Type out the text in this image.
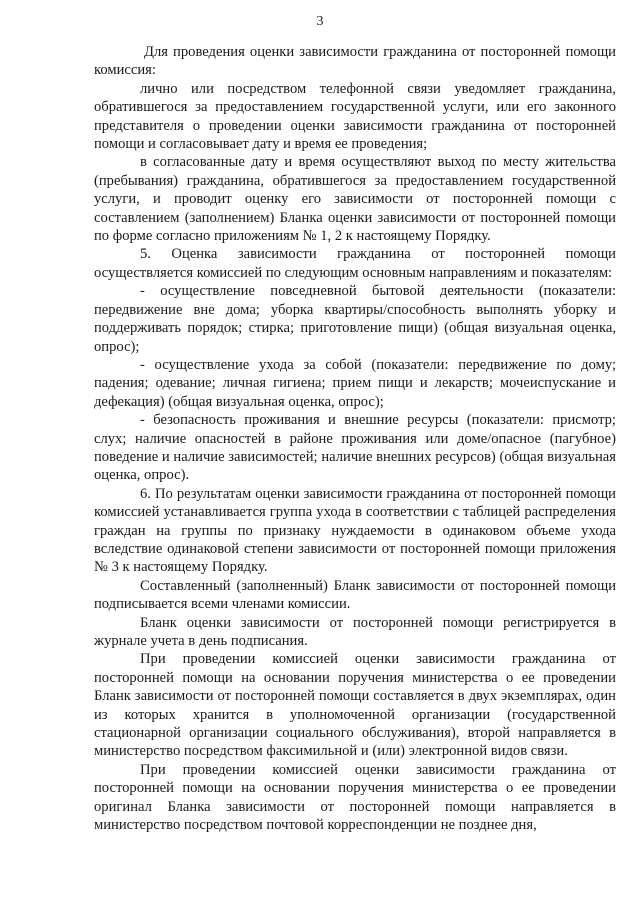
3

Для проведения оценки зависимости гражданина от посторонней помощи комиссия:

лично или посредством телефонной связи уведомляет гражданина, обратившегося за предоставлением государственной услуги, или его законного представителя о проведении оценки зависимости гражданина от посторонней помощи и согласовывает дату и время ее проведения;

в согласованные дату и время осуществляют выход по месту жительства (пребывания) гражданина, обратившегося за предоставлением государственной услуги, и проводит оценку его зависимости от посторонней помощи с составлением (заполнением) Бланка оценки зависимости от посторонней помощи по форме согласно приложениям № 1, 2 к настоящему Порядку.

5. Оценка зависимости гражданина от посторонней помощи осуществляется комиссией по следующим основным направлениям и показателям:

- осуществление повседневной бытовой деятельности (показатели: передвижение вне дома; уборка квартиры/способность выполнять уборку и поддерживать порядок; стирка; приготовление пищи) (общая визуальная оценка, опрос);

- осуществление ухода за собой (показатели: передвижение по дому; падения; одевание; личная гигиена; прием пищи и лекарств; мочеиспускание и дефекация) (общая визуальная оценка, опрос);

- безопасность проживания и внешние ресурсы (показатели: присмотр; слух; наличие опасностей в районе проживания или доме/опасное (пагубное) поведение и наличие зависимостей; наличие внешних ресурсов) (общая визуальная оценка, опрос).

6. По результатам оценки зависимости гражданина от посторонней помощи комиссией устанавливается группа ухода в соответствии с таблицей распределения граждан на группы по признаку нуждаемости в одинаковом объеме ухода вследствие одинаковой степени зависимости от посторонней помощи приложения № 3 к настоящему Порядку.

Составленный (заполненный) Бланк зависимости от посторонней помощи подписывается всеми членами комиссии.

Бланк оценки зависимости от посторонней помощи регистрируется в журнале учета в день подписания.

При проведении комиссией оценки зависимости гражданина от посторонней помощи на основании поручения министерства о ее проведении Бланк зависимости от посторонней помощи составляется в двух экземплярах, один из которых хранится в уполномоченной организации (государственной стационарной организации социального обслуживания), второй направляется в министерство посредством факсимильной и (или) электронной видов связи.

При проведении комиссией оценки зависимости гражданина от посторонней помощи на основании поручения министерства о ее проведении оригинал Бланка зависимости от посторонней помощи направляется в министерство посредством почтовой корреспонденции не позднее дня,
